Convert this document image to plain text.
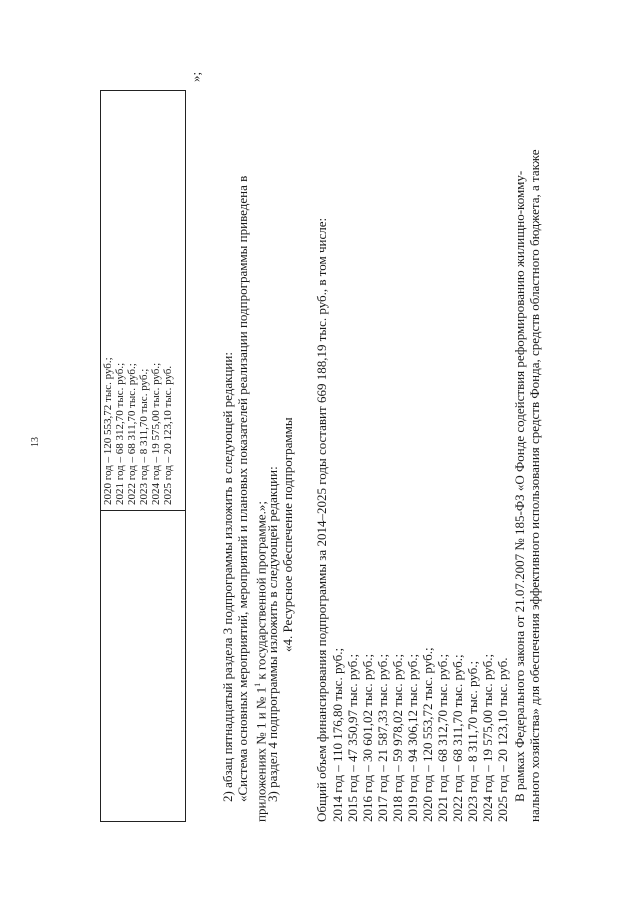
13	2020 год – 120 553,72 тыс. руб.; 2021 год – 68 312,70 тыс. руб.; 2022 год – 68 311,70 тыс. руб.; 2023 год – 8 311,70 тыс. руб.; 2024 год – 19 575,00 тыс. руб.; 2025 год – 20 123,10 тыс. руб.
»;
2) абзац пятнадцатый раздела 3 подпрограммы изложить в следующей редакции: «Система основных мероприятий, мероприятий и плановых показателей реализации подпрограммы приведена в приложениях № 1 и № $1^1$ к государственной программе.»;
3) раздел 4 подпрограммы изложить в следующей редакции: «4. Ресурсное обеспечение подпрограммы Общий объем финансирования подпрограммы за 2014–2025 годы составит 669 188,19 тыс. руб., в том числе: 2014 год – 110 176,80 тыс. руб.; 2015 год – 47 350,97 тыс. руб.; 2016 год – 30 601,02 тыс. руб.; 2017 год – 21 587,33 тыс. руб.; 2018 год – 59 978,02 тыс. руб.; 2019 год – 94 306,12 тыс. руб.; 2020 год – 120 553,72 тыс. руб.; 2021 год – 68 312,70 тыс. руб.; 2022 год – 68 311,70 тыс. руб.; 2023 год – 8 311,70 тыс. руб.; 2024 год – 19 575,00 тыс. руб.; 2025 год – 20 123,10 тыс. руб. В рамках Федерального закона от 21.07.2007 № 185-ФЗ «О Фонде содействия реформированию жилищно-комму- нального хозяйства» для обеспечения эффективного использования средств Фонда, средств областного бюджета, а также
